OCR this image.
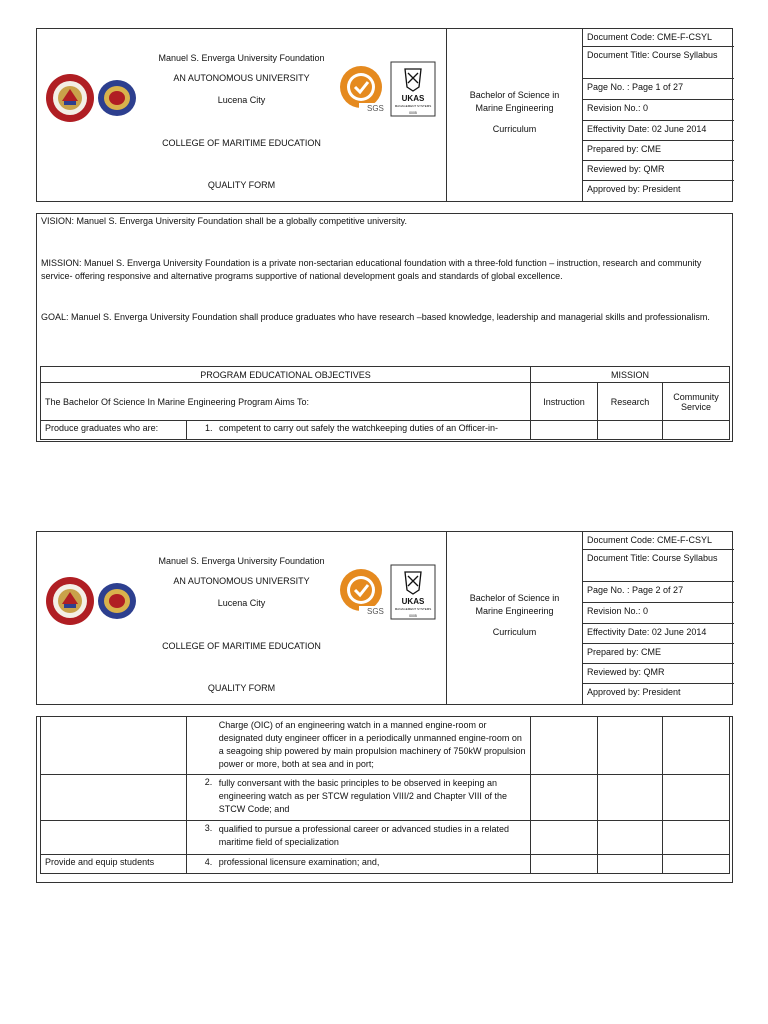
Manuel S. Enverga University Foundation
AN AUTONOMOUS UNIVERSITY
Lucena City
COLLEGE OF MARITIME EDUCATION
QUALITY FORM
SGS
UKAS
MANAGEMENT SYSTEMS
0005
Bachelor of Science in Marine Engineering
Curriculum
Document Code: CME-F-CSYL
Document Title: Course Syllabus
Page No. : Page 1 of 27
Revision No.: 0
Effectivity Date: 02 June 2014
Prepared by: CME
Reviewed by: QMR
Approved by: President
VISION: Manuel S. Enverga University Foundation shall be a globally competitive university.
MISSION: Manuel S. Enverga University Foundation is a private non-sectarian educational foundation with a three-fold function – instruction, research and community service- offering responsive and alternative programs supportive of national development goals and standards of global excellence.
GOAL: Manuel S. Enverga University Foundation shall produce graduates who have research –based knowledge, leadership and managerial skills and professionalism.
PROGRAM EDUCATIONAL OBJECTIVES		MISSION		
The Bachelor Of Science In Marine Engineering Program Aims To:		Instruction	Research	Community Service
Produce graduates who are:	1. competent to carry out safely the watchkeeping duties of an Officer-in-			

Manuel S. Enverga University Foundation
AN AUTONOMOUS UNIVERSITY
Lucena City
COLLEGE OF MARITIME EDUCATION
QUALITY FORM
SGS
UKAS
MANAGEMENT SYSTEMS
0005
Bachelor of Science in Marine Engineering
Curriculum
Document Code: CME-F-CSYL
Document Title: Course Syllabus
Page No. : Page 2 of 27
Revision No.: 0
Effectivity Date: 02 June 2014
Prepared by: CME
Reviewed by: QMR
Approved by: President

	Charge (OIC) of an engineering watch in a manned engine-room or designated duty engineer officer in a periodically unmanned engine-room on a seagoing ship powered by main propulsion machinery of 750kW propulsion power or more, both at sea and in port;			

	2. fully conversant with the basic principles to be observed in keeping an engineering watch as per STCW regulation VIII/2 and Chapter VIII of the STCW Code; and			

	3. qualified to pursue a professional career or advanced studies in a related maritime field of specialization			

Provide and equip students	4. professional licensure examination; and,			
